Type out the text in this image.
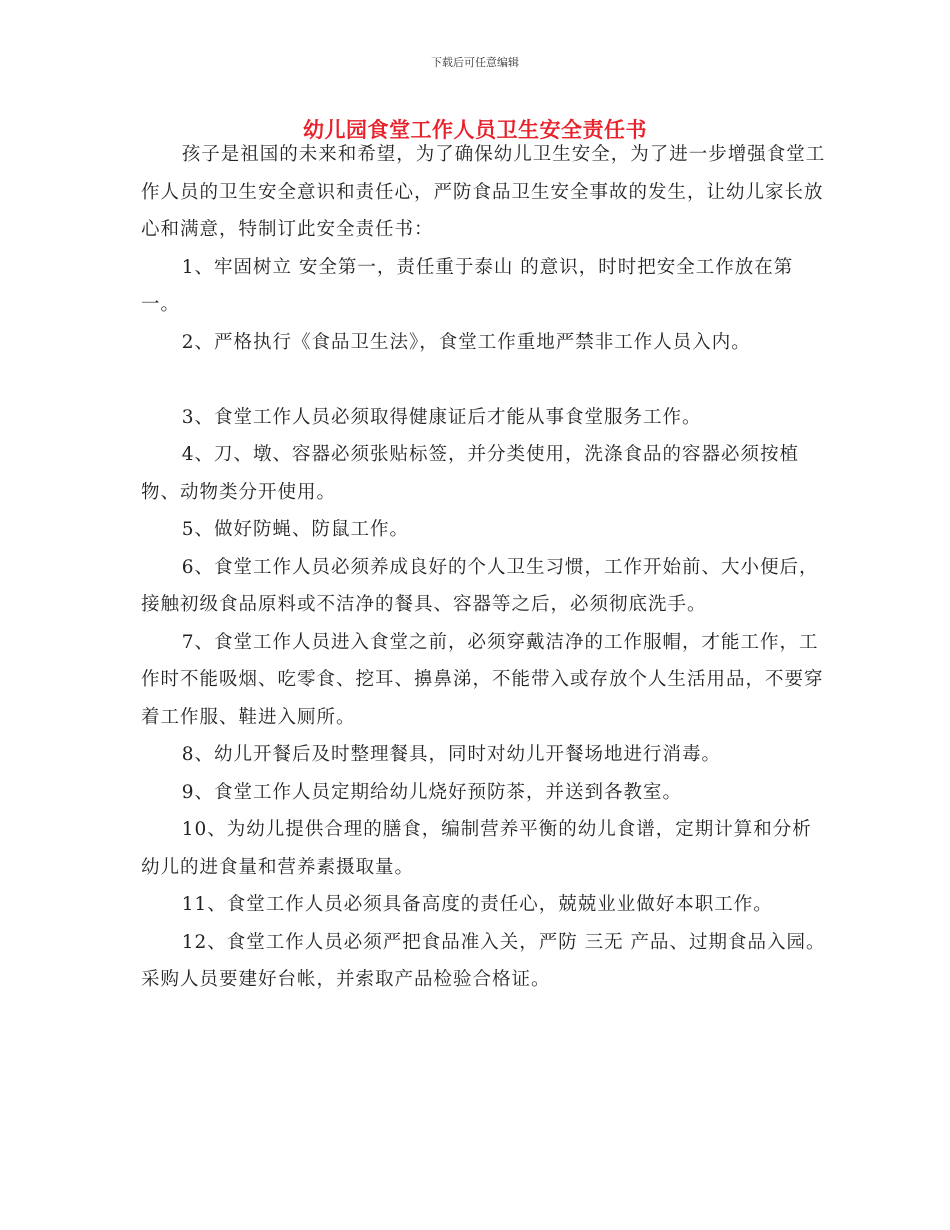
下载后可任意编辑
幼儿园食堂工作人员卫生安全责任书

孩子是祖国的未来和希望，为了确保幼儿卫生安全，为了进一步增强食堂工作人员的卫生安全意识和责任心，严防食品卫生安全事故的发生，让幼儿家长放心和满意，特制订此安全责任书：

1、牢固树立 安全第一，责任重于泰山 的意识，时时把安全工作放在第一。

2、严格执行《食品卫生法》，食堂工作重地严禁非工作人员入内。

3、食堂工作人员必须取得健康证后才能从事食堂服务工作。

4、刀、墩、容器必须张贴标签，并分类使用，洗涤食品的容器必须按植物、动物类分开使用。

5、做好防蝇、防鼠工作。

6、食堂工作人员必须养成良好的个人卫生习惯，工作开始前、大小便后，接触初级食品原料或不洁净的餐具、容器等之后，必须彻底洗手。

7、食堂工作人员进入食堂之前，必须穿戴洁净的工作服帽，才能工作，工作时不能吸烟、吃零食、挖耳、擤鼻涕，不能带入或存放个人生活用品，不要穿着工作服、鞋进入厕所。

8、幼儿开餐后及时整理餐具，同时对幼儿开餐场地进行消毒。

9、食堂工作人员定期给幼儿烧好预防茶，并送到各教室。

10、为幼儿提供合理的膳食，编制营养平衡的幼儿食谱，定期计算和分析幼儿的进食量和营养素摄取量。

11、食堂工作人员必须具备高度的责任心，兢兢业业做好本职工作。

12、食堂工作人员必须严把食品准入关，严防 三无 产品、过期食品入园。采购人员要建好台帐，并索取产品检验合格证。
